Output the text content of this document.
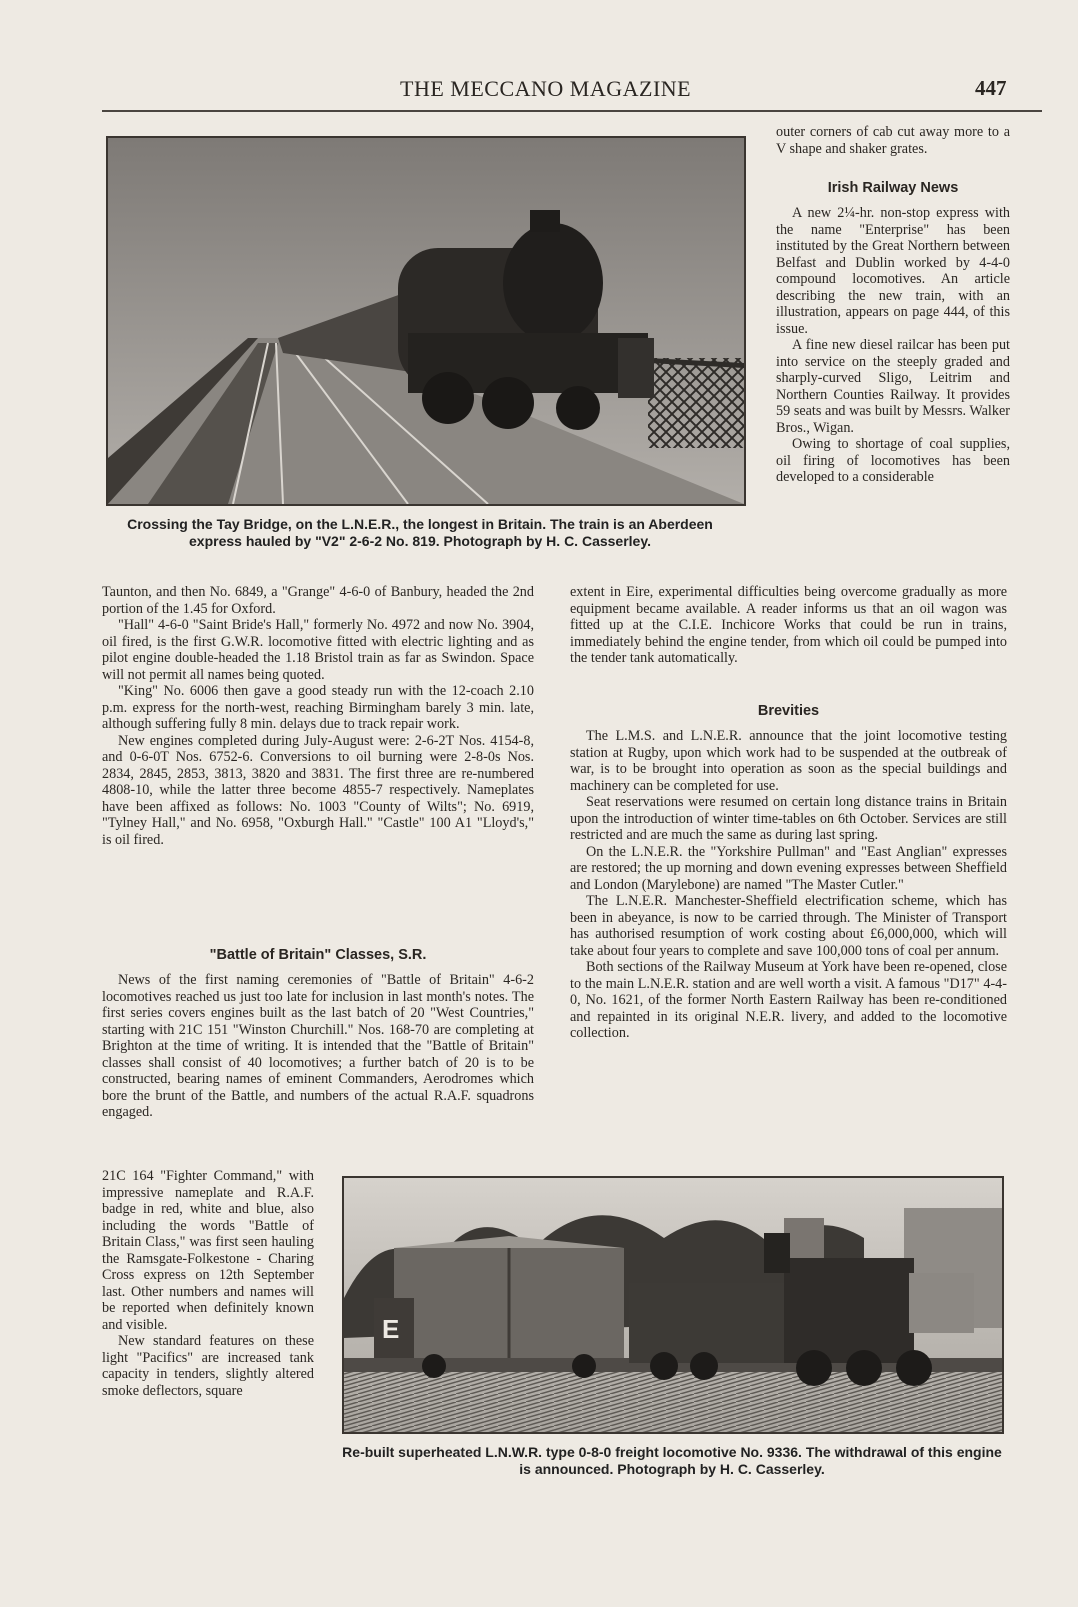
THE MECCANO MAGAZINE	447
Crossing the Tay Bridge, on the L.N.E.R., the longest in Britain. The train is an Aberdeen express hauled by "V2" 2-6-2 No. 819. Photograph by H. C. Casserley.

outer corners of cab cut away more to a V shape and shaker grates.

Irish Railway News

A new 2¼-hr. non-stop express with the name "Enterprise" has been instituted by the Great Northern between Belfast and Dublin worked by 4-4-0 compound locomotives. An article describing the new train, with an illustration, appears on page 444, of this issue.

A fine new diesel railcar has been put into service on the steeply graded and sharply-curved Sligo, Leitrim and Northern Counties Railway. It provides 59 seats and was built by Messrs. Walker Bros., Wigan.

Owing to shortage of coal supplies, oil firing of locomotives has been developed to a considerable

extent in Eire, experimental difficulties being overcome gradually as more equipment became available. A reader informs us that an oil wagon was fitted up at the C.I.E. Inchicore Works that could be run in trains, immediately behind the engine tender, from which oil could be pumped into the tender tank automatically.

Brevities

The L.M.S. and L.N.E.R. announce that the joint locomotive testing station at Rugby, upon which work had to be suspended at the outbreak of war, is to be brought into operation as soon as the special buildings and machinery can be completed for use.

Seat reservations were resumed on certain long distance trains in Britain upon the introduction of winter time-tables on 6th October. Services are still restricted and are much the same as during last spring.

On the L.N.E.R. the "Yorkshire Pullman" and "East Anglian" expresses are restored; the up morning and down evening expresses between Sheffield and London (Marylebone) are named "The Master Cutler."

The L.N.E.R. Manchester-Sheffield electrification scheme, which has been in abeyance, is now to be carried through. The Minister of Transport has authorised resumption of work costing about £6,000,000, which will take about four years to complete and save 100,000 tons of coal per annum.

Both sections of the Railway Museum at York have been re-opened, close to the main L.N.E.R. station and are well worth a visit. A famous "D17" 4-4-0, No. 1621, of the former North Eastern Railway has been re-conditioned and repainted in its original N.E.R. livery, and added to the locomotive collection.

Taunton, and then No. 6849, a "Grange" 4-6-0 of Banbury, headed the 2nd portion of the 1.45 for Oxford.

"Hall" 4-6-0 "Saint Bride's Hall," formerly No. 4972 and now No. 3904, oil fired, is the first G.W.R. locomotive fitted with electric lighting and as pilot engine double-headed the 1.18 Bristol train as far as Swindon. Space will not permit all names being quoted.

"King" No. 6006 then gave a good steady run with the 12-coach 2.10 p.m. express for the north-west, reaching Birmingham barely 3 min. late, although suffering fully 8 min. delays due to track repair work.

New engines completed during July-August were: 2-6-2T Nos. 4154-8, and 0-6-0T Nos. 6752-6. Conversions to oil burning were 2-8-0s Nos. 2834, 2845, 2853, 3813, 3820 and 3831. The first three are re-numbered 4808-10, while the latter three become 4855-7 respectively. Nameplates have been affixed as follows: No. 1003 "County of Wilts"; No. 6919, "Tylney Hall," and No. 6958, "Oxburgh Hall." "Castle" 100 A1 "Lloyd's," is oil fired.

"Battle of Britain" Classes, S.R.

News of the first naming ceremonies of "Battle of Britain" 4-6-2 locomotives reached us just too late for inclusion in last month's notes. The first series covers engines built as the last batch of 20 "West Countries," starting with 21C 151 "Winston Churchill." Nos. 168-70 are completing at Brighton at the time of writing. It is intended that the "Battle of Britain" classes shall consist of 40 locomotives; a further batch of 20 is to be constructed, bearing names of eminent Commanders, Aerodromes which bore the brunt of the Battle, and numbers of the actual R.A.F. squadrons engaged.

21C 164 "Fighter Command," with impressive nameplate and R.A.F. badge in red, white and blue, also including the words "Battle of Britain Class," was first seen hauling the Ramsgate-Folkestone - Charing Cross express on 12th September last. Other numbers and names will be reported when definitely known and visible.

New standard features on these light "Pacifics" are increased tank capacity in tenders, slightly altered smoke deflectors, square

E
Re-built superheated L.N.W.R. type 0-8-0 freight locomotive No. 9336. The withdrawal of this engine is announced. Photograph by H. C. Casserley.
